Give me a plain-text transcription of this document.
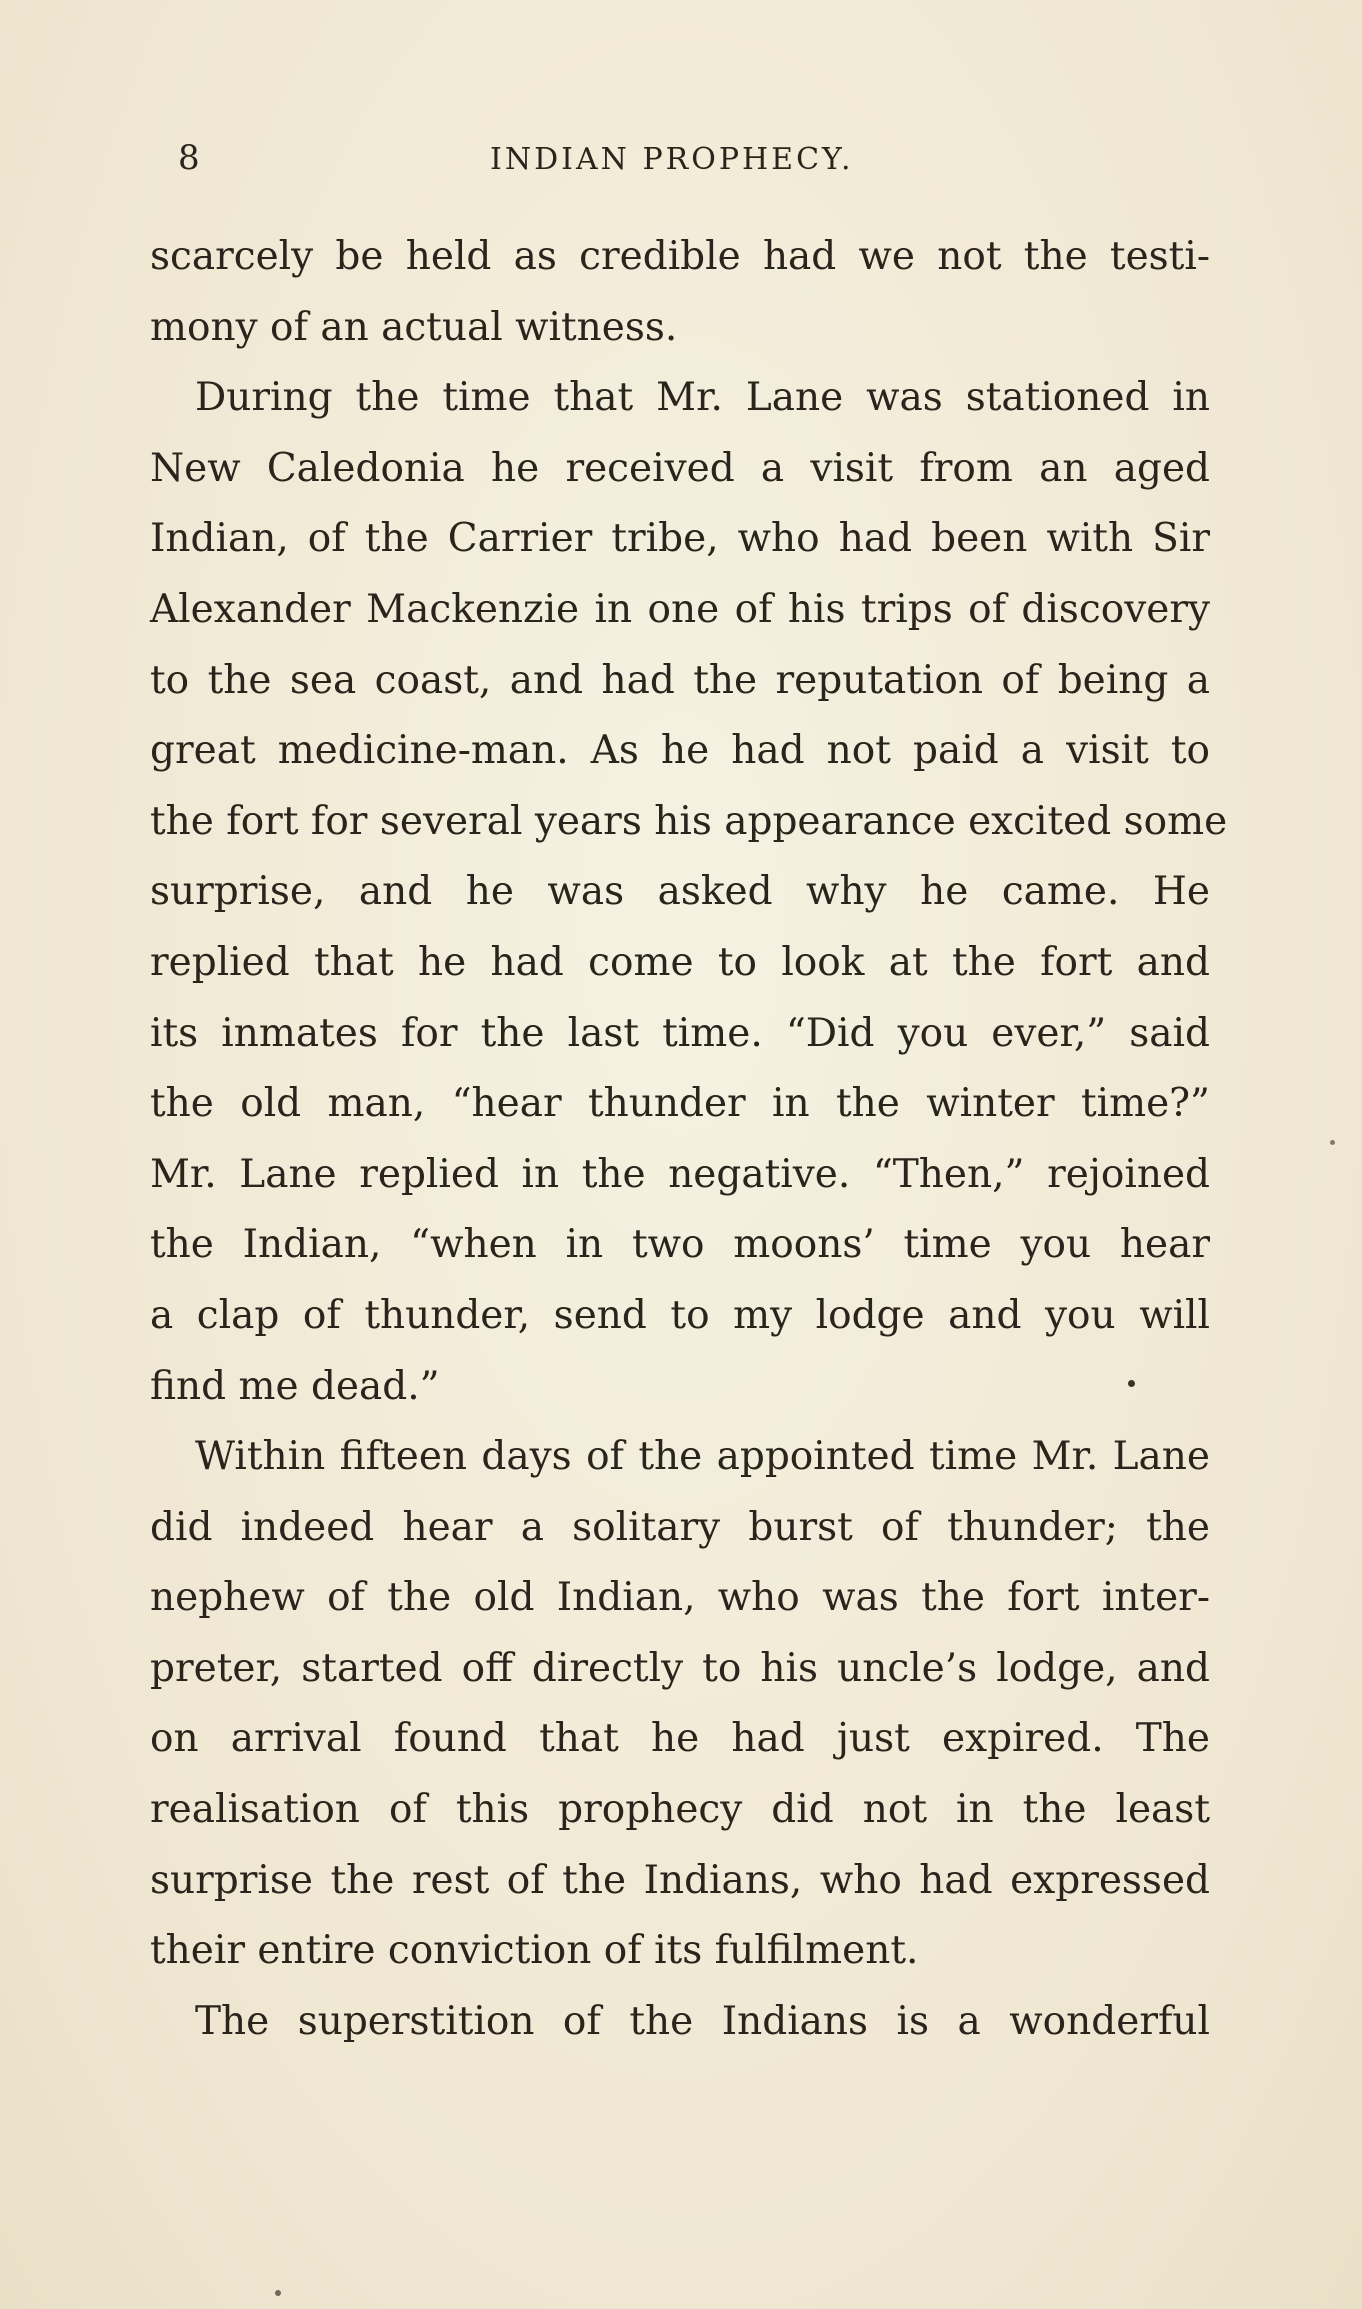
8	INDIAN PROPHECY.
scarcely be held as credible had we not the testi-
mony of an actual witness.
During the time that Mr. Lane was stationed in
New Caledonia he received a visit from an aged
Indian, of the Carrier tribe, who had been with Sir
Alexander Mackenzie in one of his trips of discovery
to the sea coast, and had the reputation of being a
great medicine-man. As he had not paid a visit to
the fort for several years his appearance excited some
surprise, and he was asked why he came. He
replied that he had come to look at the fort and
its inmates for the last time. “Did you ever,” said
the old man, “hear thunder in the winter time?”
Mr. Lane replied in the negative. “Then,” rejoined
the Indian, “when in two moons’ time you hear
a clap of thunder, send to my lodge and you will
find me dead.”
Within fifteen days of the appointed time Mr. Lane
did indeed hear a solitary burst of thunder; the
nephew of the old Indian, who was the fort inter-
preter, started off directly to his uncle’s lodge, and
on arrival found that he had just expired. The
realisation of this prophecy did not in the least
surprise the rest of the Indians, who had expressed
their entire conviction of its fulfilment.
The superstition of the Indians is a wonderful
